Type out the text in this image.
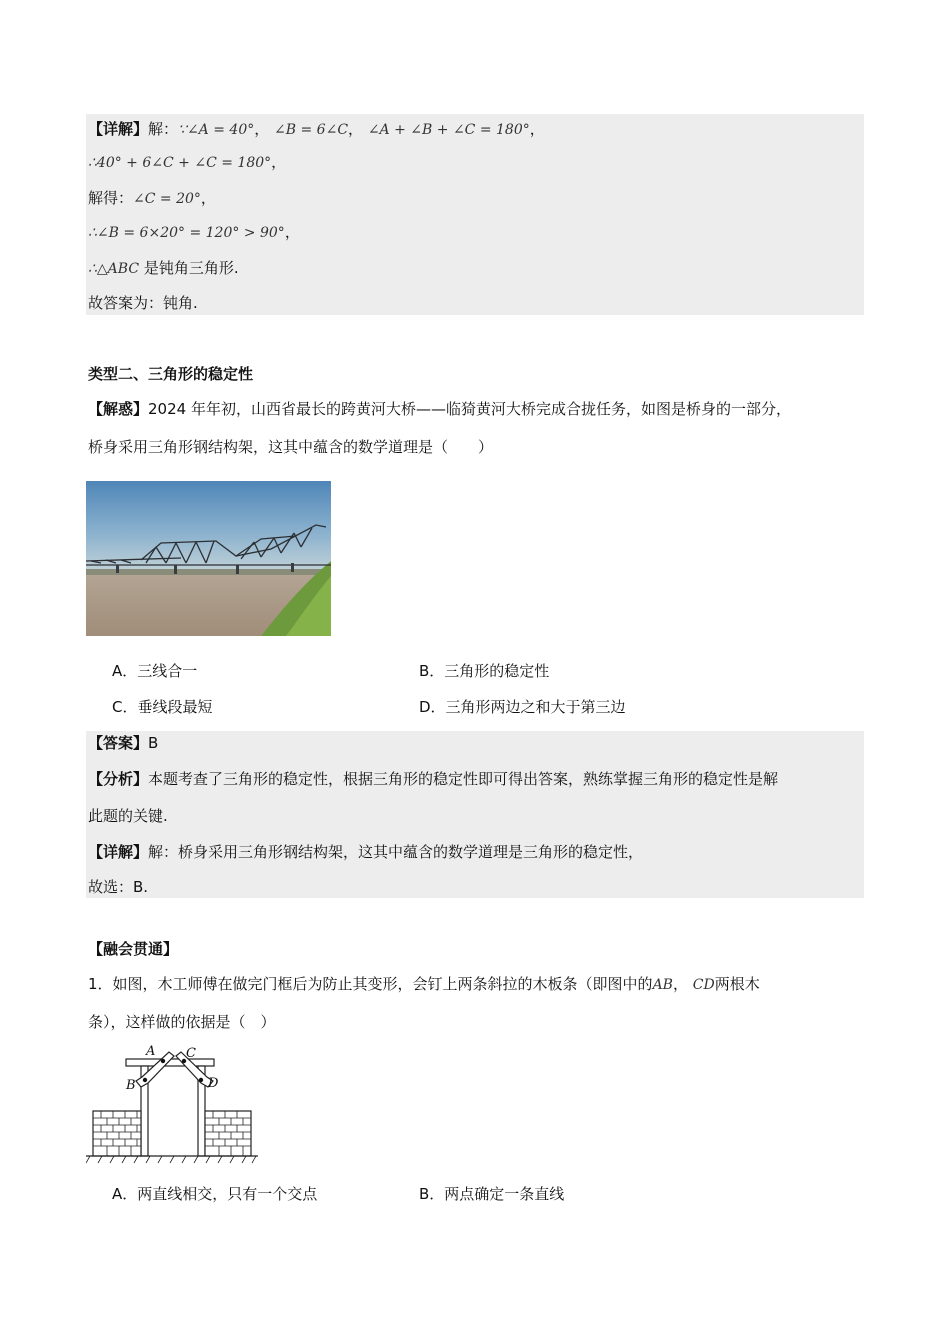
【详解】解：∵∠A = 40°， ∠B = 6∠C， ∠A + ∠B + ∠C = 180°，
∴40° + 6∠C + ∠C = 180°，
解得：∠C = 20°，
∴∠B = 6×20° = 120° > 90°，
∴△ABC 是钝角三角形.
故答案为：钝角.
类型二、三角形的稳定性
【解惑】2024 年年初，山西省最长的跨黄河大桥——临猗黄河大桥完成合拢任务，如图是桥身的一部分，
桥身采用三角形钢结构架，这其中蕴含的数学道理是（　　）
A．三线合一	B．三角形的稳定性
C．垂线段最短	D．三角形两边之和大于第三边
【答案】B
【分析】本题考查了三角形的稳定性，根据三角形的稳定性即可得出答案，熟练掌握三角形的稳定性是解
此题的关键.
【详解】解：桥身采用三角形钢结构架，这其中蕴含的数学道理是三角形的稳定性，
故选：B.
【融会贯通】
1．如图，木工师傅在做完门框后为防止其变形，会钉上两条斜拉的木板条（即图中的AB， CD两根木
条），这样做的依据是（　）
A
B
C
D
A．两直线相交，只有一个交点	B．两点确定一条直线
